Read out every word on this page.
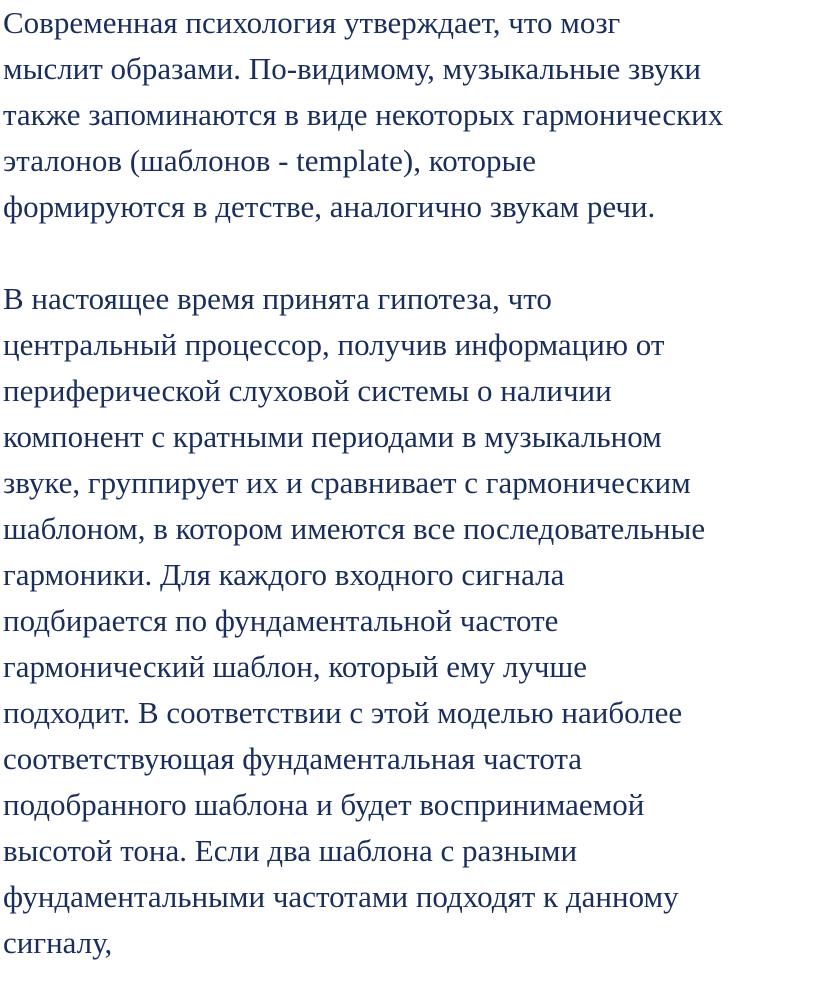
Современная психология утверждает, что мозг
мыслит образами. По-видимому, музыкальные звуки
также запоминаются в виде некоторых гармонических
эталонов (шаблонов - template), которые
формируются в детстве, аналогично звукам речи.

В настоящее время принята гипотеза, что
центральный процессор, получив информацию от
периферической слуховой системы о наличии
компонент с кратными периодами в музыкальном
звуке, группирует их и сравнивает с гармоническим
шаблоном, в котором имеются все последовательные
гармоники. Для каждого входного сигнала
подбирается по фундаментальной частоте
гармонический шаблон, который ему лучше
подходит. В соответствии с этой моделью наиболее
соответствующая фундаментальная частота
подобранного шаблона и будет воспринимаемой
высотой тона. Если два шаблона с разными
фундаментальными частотами подходят к данному
сигналу,
